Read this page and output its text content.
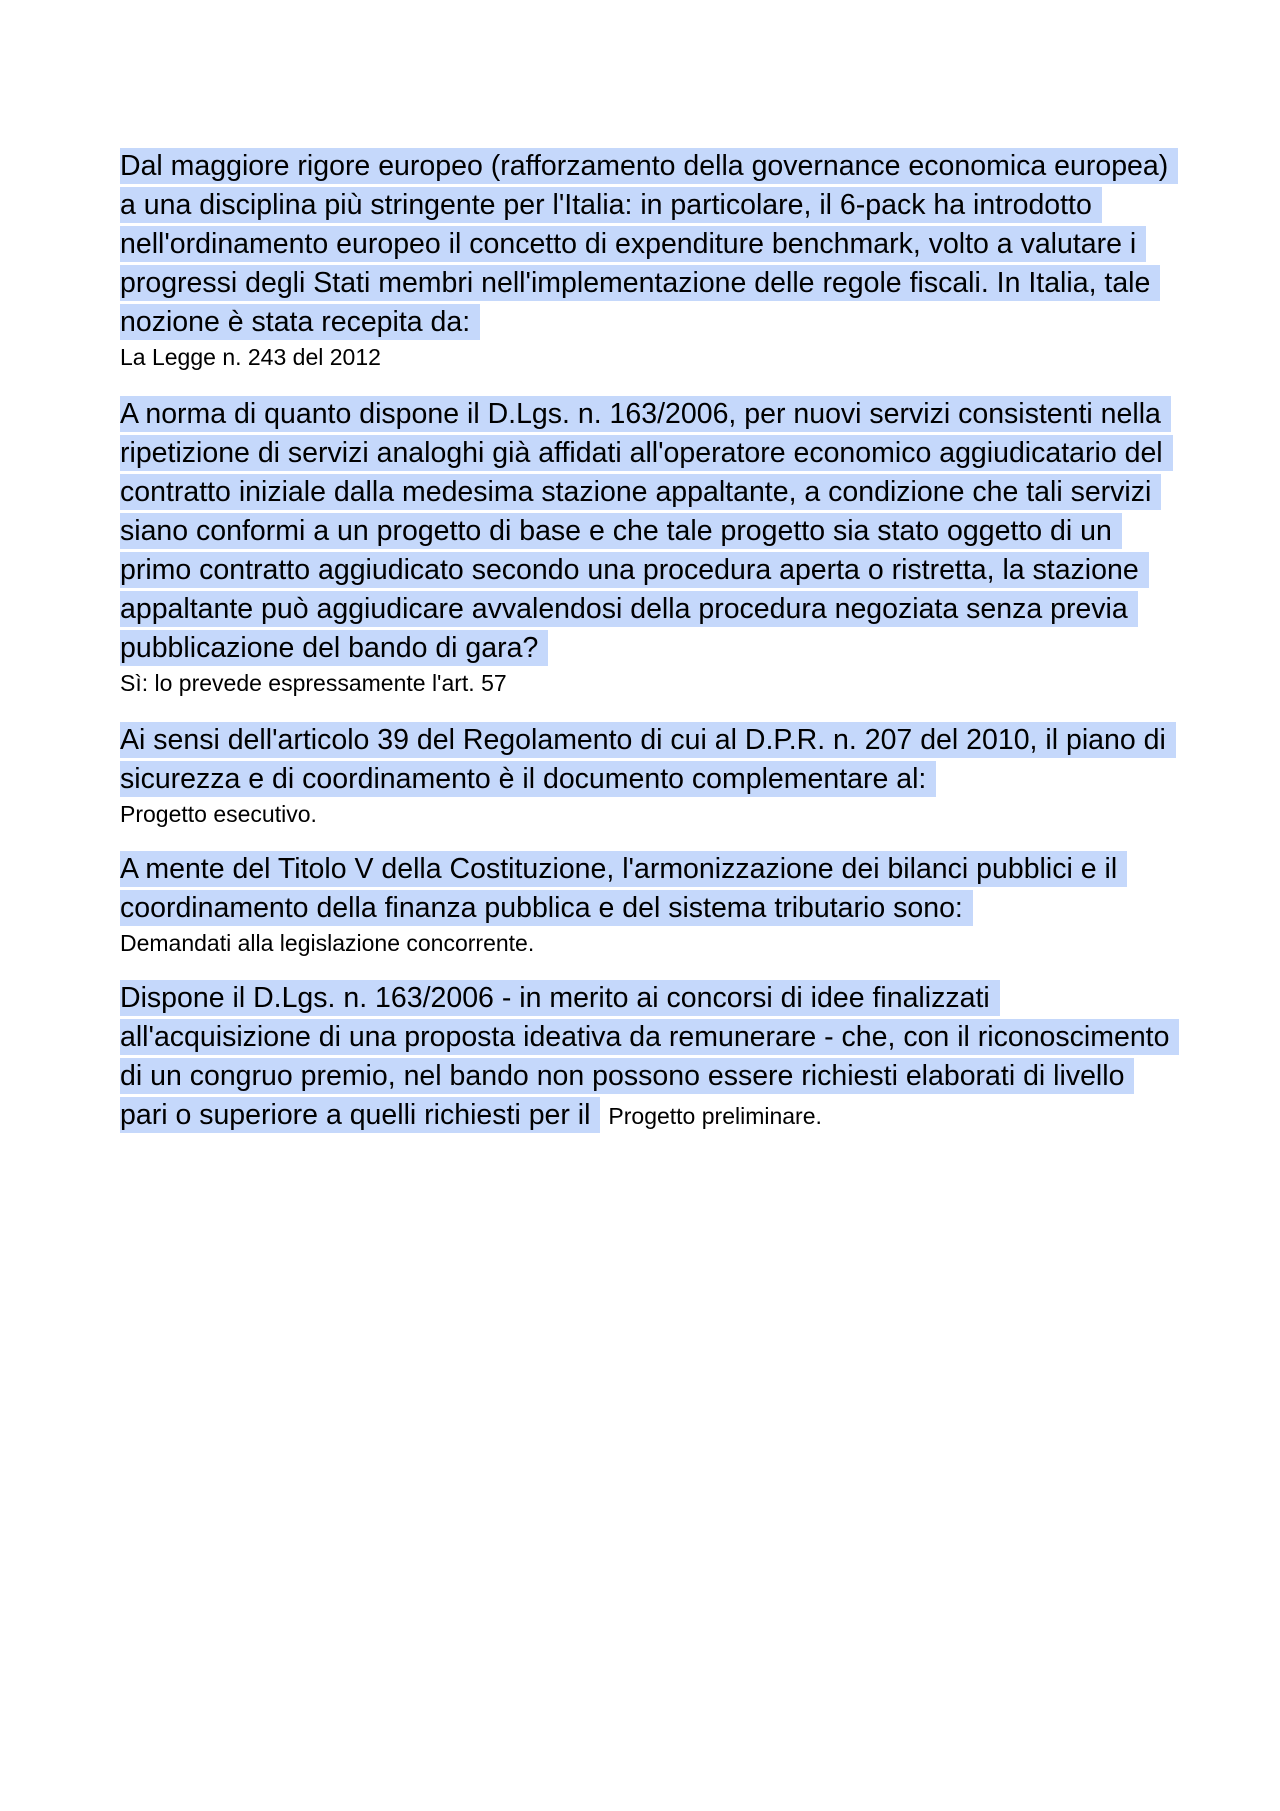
Dal maggiore rigore europeo (rafforzamento della governance economica europea) a una disciplina più stringente per l'Italia: in particolare, il 6-pack ha introdotto nell'ordinamento europeo il concetto di expenditure benchmark, volto a valutare i progressi degli Stati membri nell'implementazione delle regole fiscali. In Italia, tale nozione è stata recepita da:

La Legge n. 243 del 2012

A norma di quanto dispone il D.Lgs. n. 163/2006, per nuovi servizi consistenti nella ripetizione di servizi analoghi già affidati all'operatore economico aggiudicatario del contratto iniziale dalla medesima stazione appaltante, a condizione che tali servizi siano conformi a un progetto di base e che tale progetto sia stato oggetto di un primo contratto aggiudicato secondo una procedura aperta o ristretta, la stazione appaltante può aggiudicare avvalendosi della procedura negoziata senza previa pubblicazione del bando di gara?

Sì: lo prevede espressamente l'art. 57

Ai sensi dell'articolo 39 del Regolamento di cui al D.P.R. n. 207 del 2010, il piano di sicurezza e di coordinamento è il documento complementare al:

Progetto esecutivo.

A mente del Titolo V della Costituzione, l'armonizzazione dei bilanci pubblici e il coordinamento della finanza pubblica e del sistema tributario sono:

Demandati alla legislazione concorrente.

Dispone il D.Lgs. n. 163/2006 - in merito ai concorsi di idee finalizzati all'acquisizione di una proposta ideativa da remunerare - che, con il riconoscimento di un congruo premio, nel bando non possono essere richiesti elaborati di livello pari o superiore a quelli richiesti per il Progetto preliminare.
